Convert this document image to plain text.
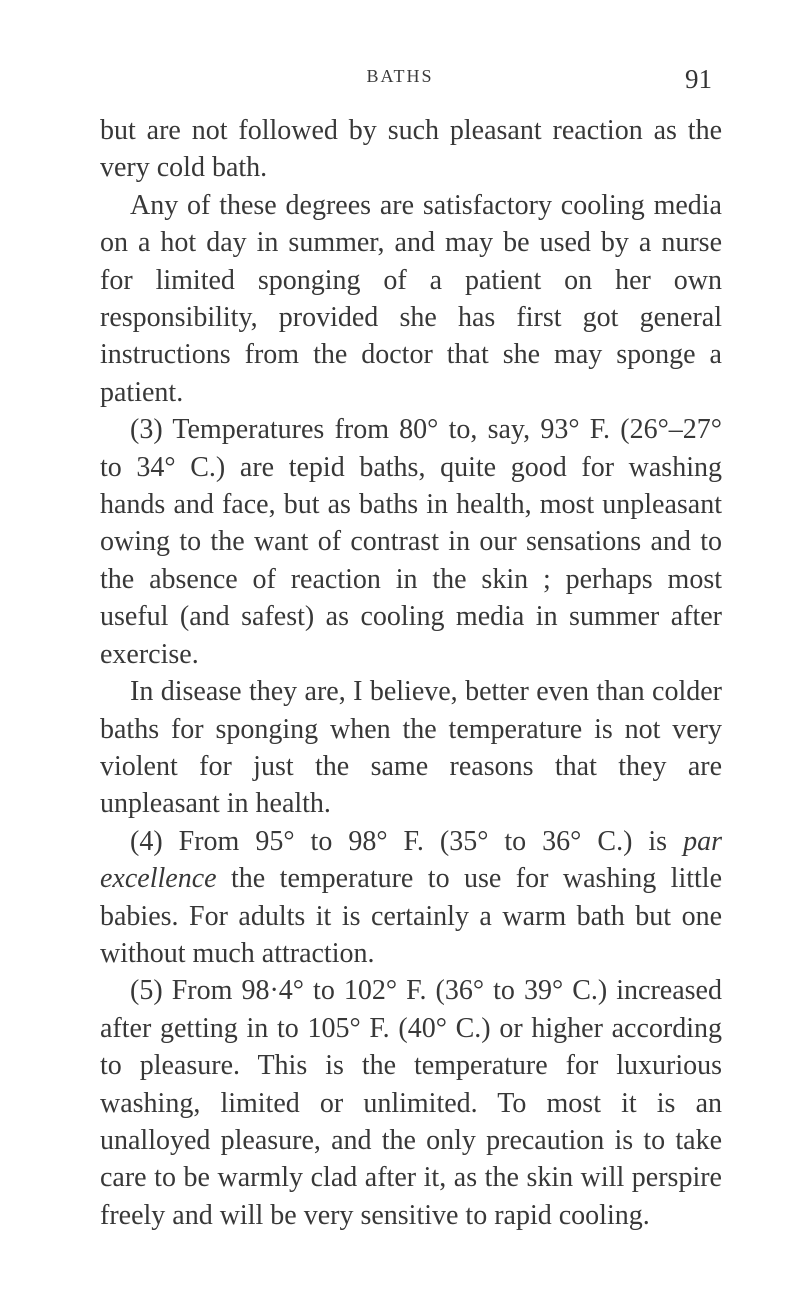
BATHS	91

but are not followed by such pleasant reaction as the very cold bath.

Any of these degrees are satisfactory cooling media on a hot day in summer, and may be used by a nurse for limited sponging of a patient on her own responsibility, provided she has first got general instructions from the doctor that she may sponge a patient.

(3) Temperatures from 80° to, say, 93° F. (26°–27° to 34° C.) are tepid baths, quite good for washing hands and face, but as baths in health, most unpleasant owing to the want of contrast in our sensations and to the absence of reaction in the skin ; perhaps most useful (and safest) as cooling media in summer after exercise.

In disease they are, I believe, better even than colder baths for sponging when the temperature is not very violent for just the same reasons that they are unpleasant in health.

(4) From 95° to 98° F. (35° to 36° C.) is par excellence the temperature to use for washing little babies. For adults it is certainly a warm bath but one without much attraction.

(5) From 98·4° to 102° F. (36° to 39° C.) increased after getting in to 105° F. (40° C.) or higher according to pleasure. This is the temperature for luxurious washing, limited or unlimited. To most it is an unalloyed pleasure, and the only precaution is to take care to be warmly clad after it, as the skin will perspire freely and will be very sensitive to rapid cooling.
